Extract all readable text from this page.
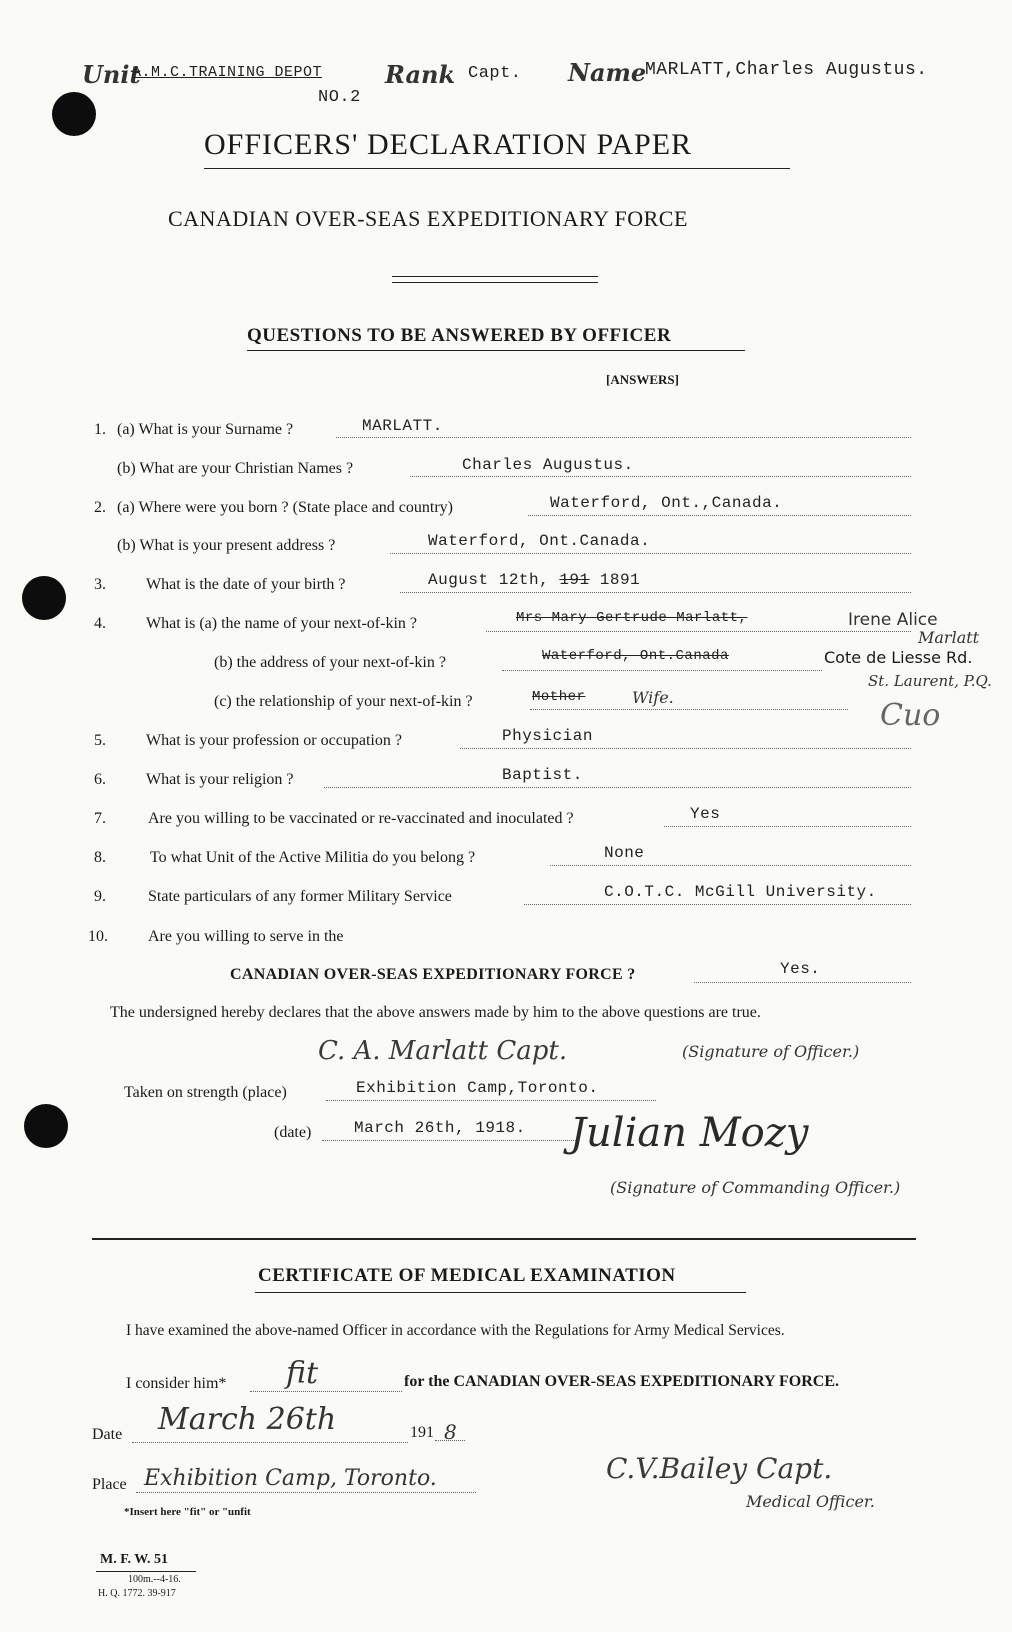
Unit
A.M.C.TRAINING DEPOT
NO.2
Rank Capt. Name
MARLATT,Charles Augustus.
OFFICERS' DECLARATION PAPER
CANADIAN OVER-SEAS EXPEDITIONARY FORCE
QUESTIONS TO BE ANSWERED BY OFFICER
[ANSWERS]
1. (a) What is your Surname ?	MARLATT.
(b) What are your Christian Names ?	Charles Augustus.
2. (a) Where were you born ? (State place and country)	Waterford, Ont.,Canada.
(b) What is your present address ?	Waterford, Ont.Canada.
3.	What is the date of your birth ?	August 12th, 191 1891
4.	What is (a) the name of your next-of-kin ?	Mrs Mary Gertrude Marlatt,	Irene Alice
Marlatt
(b) the address of your next-of-kin ?	Waterford, Ont.Canada	Cote de Liesse Rd.
St. Laurent, P.Q.
(c) the relationship of your next-of-kin ?	Mother	Wife.
Cuo
5.	What is your profession or occupation ?	Physician
6.	What is your religion ?	Baptist.
7.	Are you willing to be vaccinated or re-vaccinated and inoculated ?	Yes
8.	To what Unit of the Active Militia do you belong ?	None
9.	State particulars of any former Military Service	C.O.T.C. McGill University.
10.	Are you willing to serve in the
CANADIAN OVER-SEAS EXPEDITIONARY FORCE ?	Yes.
The undersigned hereby declares that the above answers made by him to the above questions are true.
C. A. Marlatt Capt.	(Signature of Officer.)
Taken on strength (place)	Exhibition Camp,Toronto.
(date)	March 26th, 1918. Julian Mozy
(Signature of Commanding Officer.)
CERTIFICATE OF MEDICAL EXAMINATION
I have examined the above-named Officer in accordance with the Regulations for Army Medical Services.
I consider him* fit	for the CANADIAN OVER-SEAS EXPEDITIONARY FORCE.
Date March 26th	191 8
Place Exhibition Camp, Toronto.
*Insert here "fit" or "unfit
C.V.Bailey Capt.
Medical Officer.
M. F. W. 51
100m.--4-16.
H. Q. 1772. 39-917
